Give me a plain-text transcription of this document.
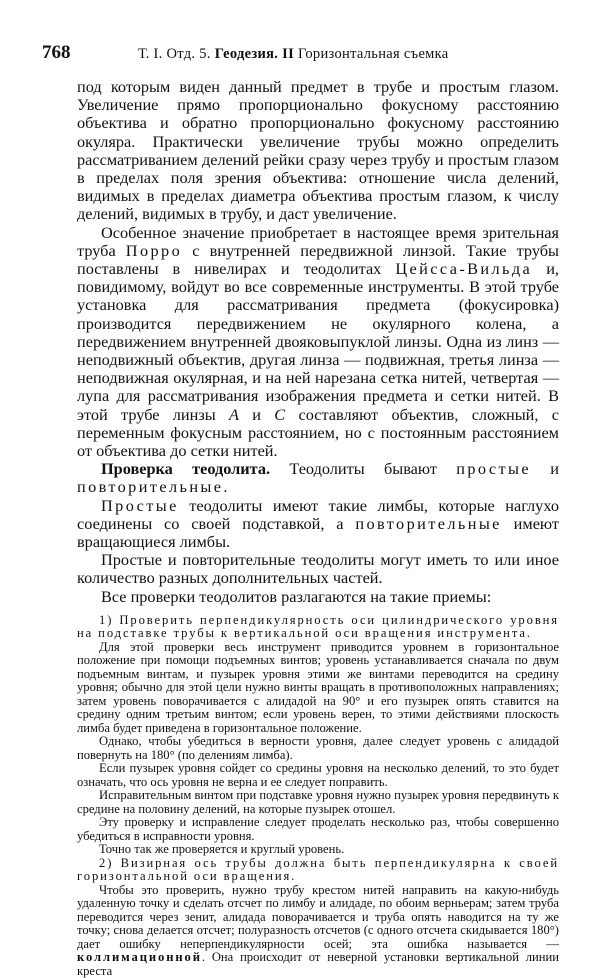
768	Т. I. Отд. 5. Геодезия. II Горизонтальная съемка

под которым виден данный предмет в трубе и простым глазом. Увеличение прямо пропорционально фокусному расстоянию объектива и обратно пропорционально фокусному расстоянию окуляра. Практически увеличение трубы можно определить рассматриванием делений рейки сразу через трубу и простым глазом в пределах поля зрения объектива: отношение числа делений, видимых в пределах диаметра объектива простым глазом, к числу делений, видимых в трубу, и даст увеличение.

Особенное значение приобретает в настоящее время зрительная труба Порро с внутренней передвижной линзой. Такие трубы поставлены в нивелирах и теодолитах Цейсса-Вильда и, повидимому, войдут во все современные инструменты. В этой трубе установка для рассматривания предмета (фокусировка) производится передвижением не окулярного колена, а передвижением внутренней двояковыпуклой линзы. Одна из линз — неподвижный объектив, другая линза — подвижная, третья линза — неподвижная окулярная, и на ней нарезана сетка нитей, четвертая — лупа для рассматривания изображения предмета и сетки нитей. В этой трубе линзы A и C составляют объектив, сложный, с переменным фокусным расстоянием, но с постоянным расстоянием от объектива до сетки нитей.

Проверка теодолита. Теодолиты бывают простые и повторительные.

Простые теодолиты имеют такие лимбы, которые наглухо соединены со своей подставкой, а повторительные имеют вращающиеся лимбы.

Простые и повторительные теодолиты могут иметь то или иное количество разных дополнительных частей.

Все проверки теодолитов разлагаются на такие приемы:

1) Проверить перпендикулярность оси цилиндрического уровня на подставке трубы к вертикальной оси вращения инструмента.

Для этой проверки весь инструмент приводится уровнем в горизонтальное положение при помощи подъемных винтов; уровень устанавливается сначала по двум подъемным винтам, и пузырек уровня этими же винтами переводится на средину уровня; обычно для этой цели нужно винты вращать в противоположных направлениях; затем уровень поворачивается с алидадой на 90° и его пузырек опять ставится на средину одним третьим винтом; если уровень верен, то этими действиями плоскость лимба будет приведена в горизонтальное положение.

Однако, чтобы убедиться в верности уровня, далее следует уровень с алидадой повернуть на 180° (по делениям лимба).

Если пузырек уровня сойдет со средины уровня на несколько делений, то это будет означать, что ось уровня не верна и ее следует поправить.

Исправительным винтом при подставке уровня нужно пузырек уровня передвинуть к средине на половину делений, на которые пузырек отошел.

Эту проверку и исправление следует проделать несколько раз, чтобы совершенно убедиться в исправности уровня.

Точно так же проверяется и круглый уровень.

2) Визирная ось трубы должна быть перпендикулярна к своей горизонтальной оси вращения.

Чтобы это проверить, нужно трубу крестом нитей направить на какую-нибудь удаленную точку и сделать отсчет по лимбу и алидаде, по обоим верньерам; затем труба переводится через зенит, алидада поворачивается и труба опять наводится на ту же точку; снова делается отсчет; полуразность отсчетов (с одного отсчета скидывается 180°) дает ошибку неперпендикулярности осей; эта ошибка называется — коллимационной. Она происходит от неверной установки вертикальной линии креста
